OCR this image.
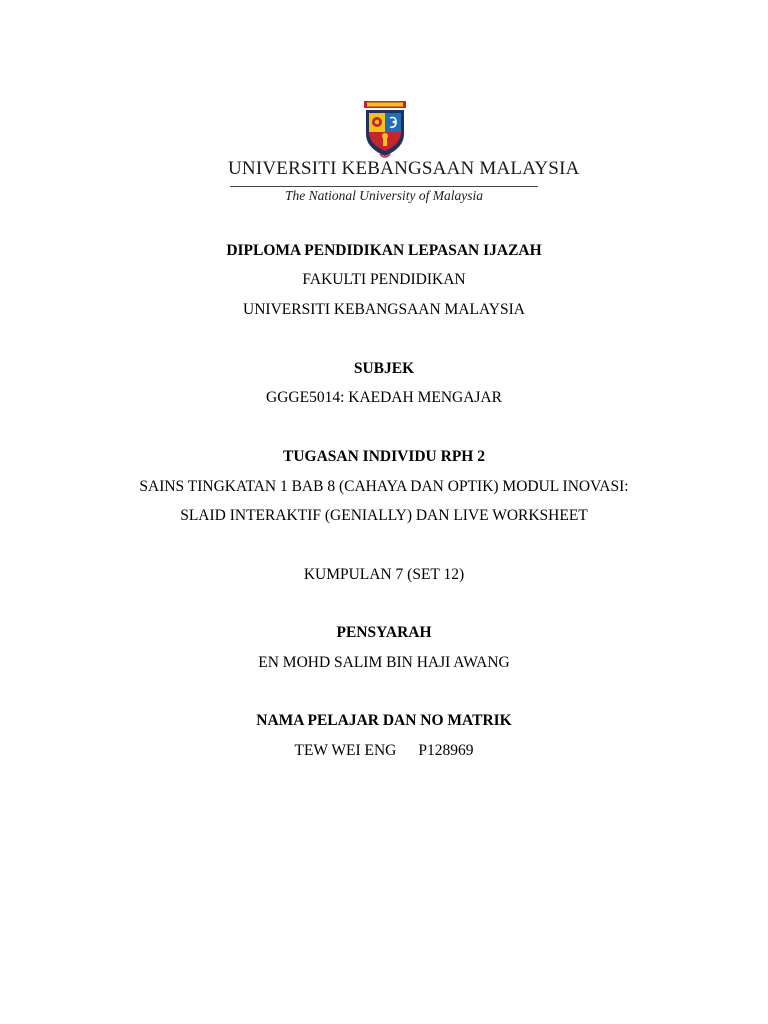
UNIVERSITI KEBANGSAAN MALAYSIA
The National University of Malaysia
DIPLOMA PENDIDIKAN LEPASAN IJAZAH
FAKULTI PENDIDIKAN
UNIVERSITI KEBANGSAAN MALAYSIA
SUBJEK
GGGE5014: KAEDAH MENGAJAR
TUGASAN INDIVIDU RPH 2
SAINS TINGKATAN 1 BAB 8 (CAHAYA DAN OPTIK) MODUL INOVASI:
SLAID INTERAKTIF (GENIALLY) DAN LIVE WORKSHEET
KUMPULAN 7 (SET 12)
PENSYARAH
EN MOHD SALIM BIN HAJI AWANG
NAMA PELAJAR DAN NO MATRIK
TEW WEI ENG P128969
